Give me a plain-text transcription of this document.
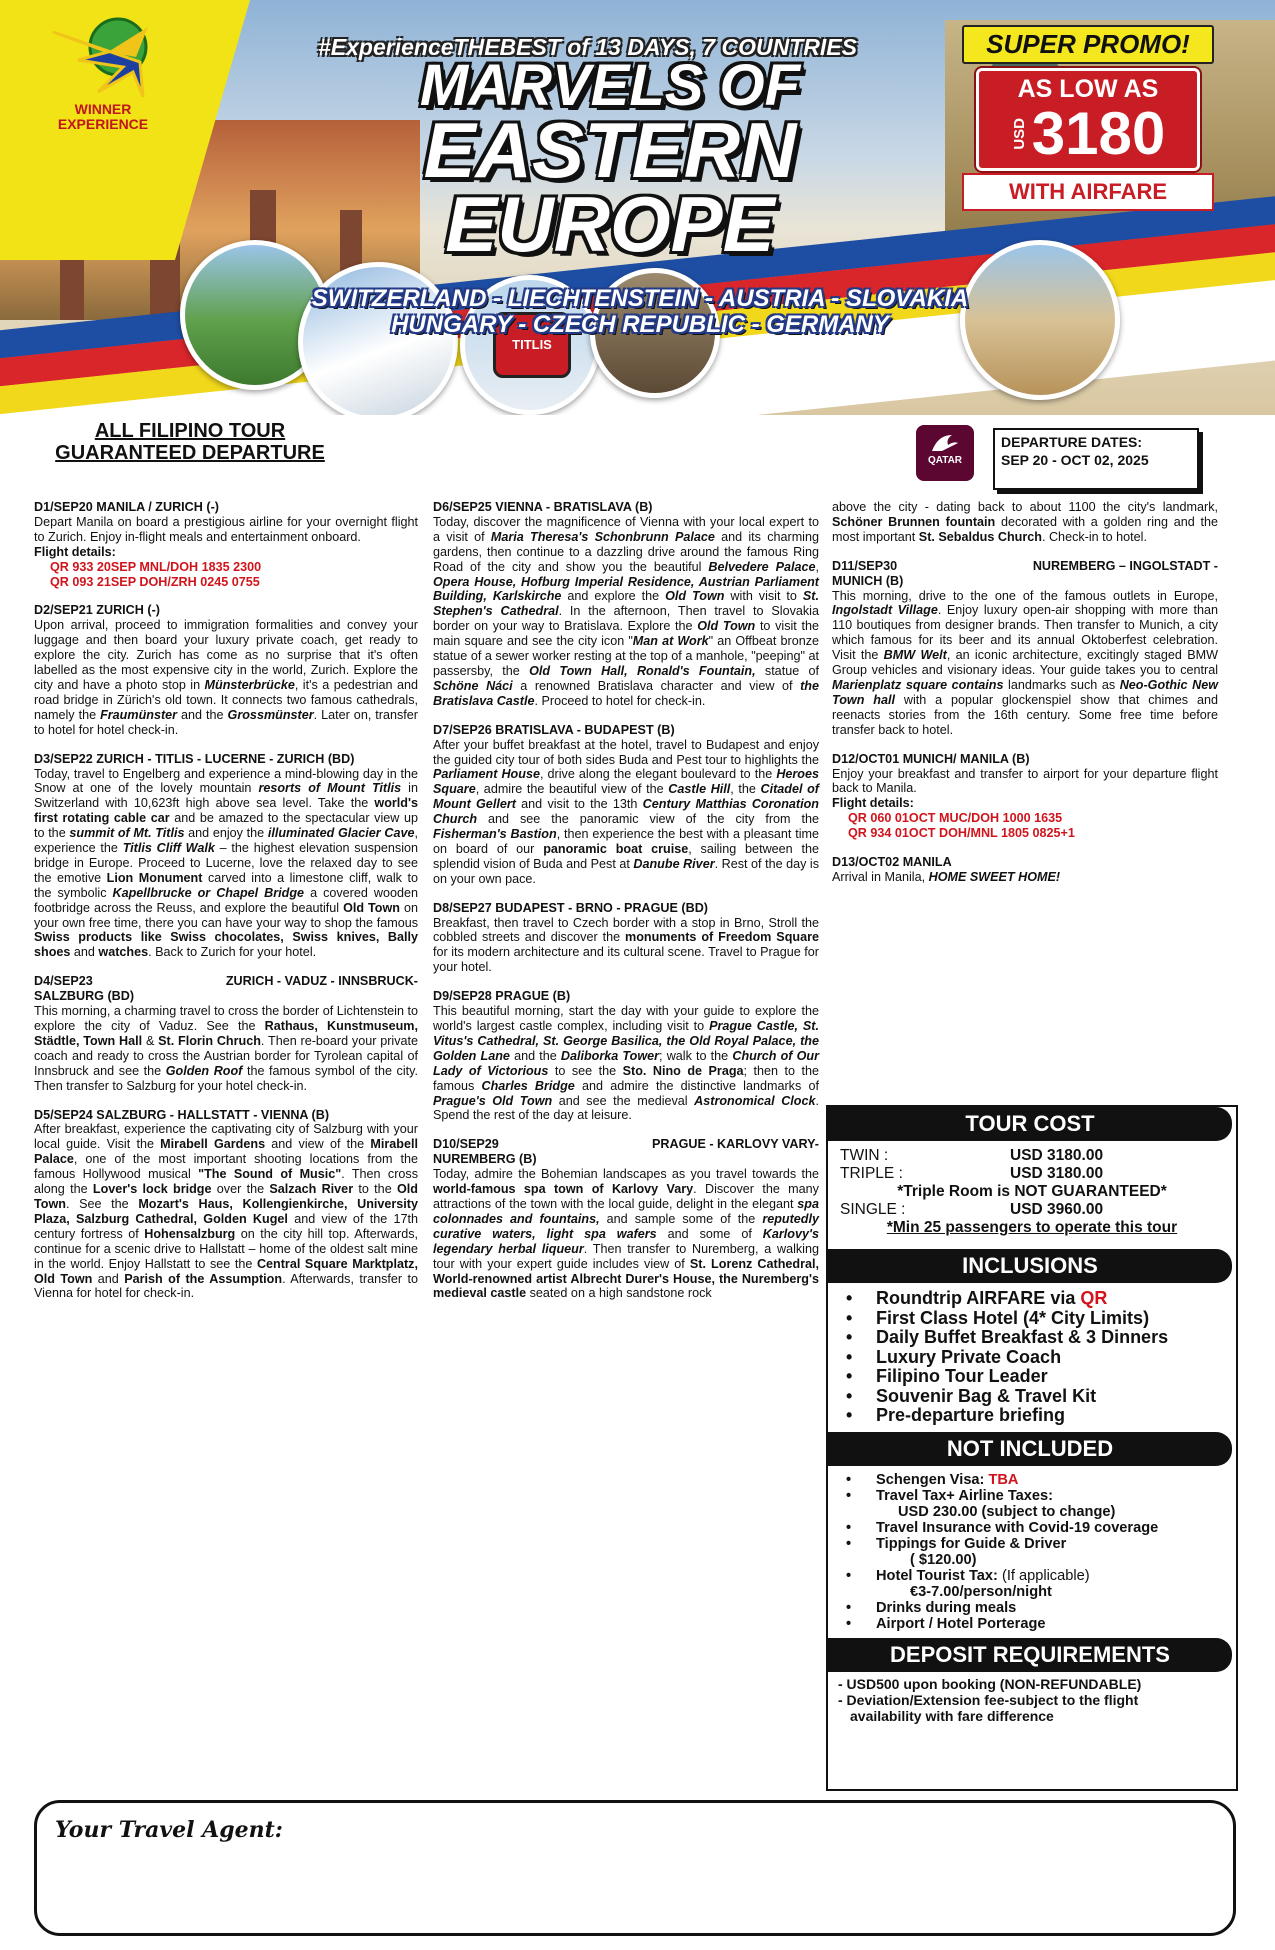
TITLIS
WINNER
EXPERIENCE
#ExperienceTHEBEST of 13 DAYS, 7 COUNTRIES
MARVELS OF
EASTERN
EUROPE
SWITZERLAND - LIECHTENSTEIN - AUSTRIA - SLOVAKIA
HUNGARY - CZECH REPUBLIC - GERMANY
SUPER PROMO!
AS LOW AS
USD 3180
WITH AIRFARE
ALL FILIPINO TOUR
GUARANTEED DEPARTURE	QATAR
DEPARTURE DATES:
SEP 20 - OCT 02, 2025
D1/SEP20 MANILA / ZURICH (-)
Depart Manila on board a prestigious airline for your overnight flight to Zurich. Enjoy in-flight meals and entertainment onboard.
Flight details:
QR 933 20SEP MNL/DOH 1835 2300
QR 093 21SEP DOH/ZRH 0245 0755
D2/SEP21 ZURICH (-)
Upon arrival, proceed to immigration formalities and convey your luggage and then board your luxury private coach, get ready to explore the city. Zurich has come as no surprise that it's often labelled as the most expensive city in the world, Zurich. Explore the city and have a photo stop in Münsterbrücke, it's a pedestrian and road bridge in Zürich's old town. It connects two famous cathedrals, namely the Fraumünster and the Grossmünster. Later on, transfer to hotel for hotel check-in.
D3/SEP22 ZURICH - TITLIS - LUCERNE - ZURICH (BD)
Today, travel to Engelberg and experience a mind-blowing day in the Snow at one of the lovely mountain resorts of Mount Titlis in Switzerland with 10,623ft high above sea level. Take the world's first rotating cable car and be amazed to the spectacular view up to the summit of Mt. Titlis and enjoy the illuminated Glacier Cave, experience the Titlis Cliff Walk – the highest elevation suspension bridge in Europe. Proceed to Lucerne, love the relaxed day to see the emotive Lion Monument carved into a limestone cliff, walk to the symbolic Kapellbrucke or Chapel Bridge a covered wooden footbridge across the Reuss, and explore the beautiful Old Town on your own free time, there you can have your way to shop the famous Swiss products like Swiss chocolates, Swiss knives, Bally shoes and watches. Back to Zurich for your hotel.
D4/SEP23	ZURICH - VADUZ - INNSBRUCK-
SALZBURG (BD)
This morning, a charming travel to cross the border of Lichtenstein to explore the city of Vaduz. See the Rathaus, Kunstmuseum, Städtle, Town Hall & St. Florin Chruch. Then re-board your private coach and ready to cross the Austrian border for Tyrolean capital of Innsbruck and see the Golden Roof the famous symbol of the city. Then transfer to Salzburg for your hotel check-in.
D5/SEP24 SALZBURG - HALLSTATT - VIENNA (B)
After breakfast, experience the captivating city of Salzburg with your local guide. Visit the Mirabell Gardens and view of the Mirabell Palace, one of the most important shooting locations from the famous Hollywood musical "The Sound of Music". Then cross along the Lover's lock bridge over the Salzach River to the Old Town. See the Mozart's Haus, Kollengienkirche, University Plaza, Salzburg Cathedral, Golden Kugel and view of the 17th century fortress of Hohensalzburg on the city hill top. Afterwards, continue for a scenic drive to Hallstatt – home of the oldest salt mine in the world. Enjoy Hallstatt to see the Central Square Marktplatz, Old Town and Parish of the Assumption. Afterwards, transfer to Vienna for hotel for check-in.
D6/SEP25 VIENNA - BRATISLAVA (B)
Today, discover the magnificence of Vienna with your local expert to a visit of Maria Theresa's Schonbrunn Palace and its charming gardens, then continue to a dazzling drive around the famous Ring Road of the city and show you the beautiful Belvedere Palace, Opera House, Hofburg Imperial Residence, Austrian Parliament Building, Karlskirche and explore the Old Town with visit to St. Stephen's Cathedral. In the afternoon, Then travel to Slovakia border on your way to Bratislava. Explore the Old Town to visit the main square and see the city icon "Man at Work" an Offbeat bronze statue of a sewer worker resting at the top of a manhole, "peeping" at passersby, the Old Town Hall, Ronald's Fountain, statue of Schöne Náci a renowned Bratislava character and view of the Bratislava Castle. Proceed to hotel for check-in.
D7/SEP26 BRATISLAVA - BUDAPEST (B)
After your buffet breakfast at the hotel, travel to Budapest and enjoy the guided city tour of both sides Buda and Pest tour to highlights the Parliament House, drive along the elegant boulevard to the Heroes Square, admire the beautiful view of the Castle Hill, the Citadel of Mount Gellert and visit to the 13th Century Matthias Coronation Church and see the panoramic view of the city from the Fisherman's Bastion, then experience the best with a pleasant time on board of our panoramic boat cruise, sailing between the splendid vision of Buda and Pest at Danube River. Rest of the day is on your own pace.
D8/SEP27 BUDAPEST - BRNO - PRAGUE (BD)
Breakfast, then travel to Czech border with a stop in Brno, Stroll the cobbled streets and discover the monuments of Freedom Square for its modern architecture and its cultural scene. Travel to Prague for your hotel.
D9/SEP28 PRAGUE (B)
This beautiful morning, start the day with your guide to explore the world's largest castle complex, including visit to Prague Castle, St. Vitus's Cathedral, St. George Basilica, the Old Royal Palace, the Golden Lane and the Daliborka Tower; walk to the Church of Our Lady of Victorious to see the Sto. Nino de Praga; then to the famous Charles Bridge and admire the distinctive landmarks of Prague's Old Town and see the medieval Astronomical Clock. Spend the rest of the day at leisure.
D10/SEP29	PRAGUE - KARLOVY VARY-
NUREMBERG (B)
Today, admire the Bohemian landscapes as you travel towards the world-famous spa town of Karlovy Vary. Discover the many attractions of the town with the local guide, delight in the elegant spa colonnades and fountains, and sample some of the reputedly curative waters, light spa wafers and some of Karlovy's legendary herbal liqueur. Then transfer to Nuremberg, a walking tour with your expert guide includes view of St. Lorenz Cathedral, World-renowned artist Albrecht Durer's House, the Nuremberg's medieval castle seated on a high sandstone rock
above the city - dating back to about 1100 the city's landmark, Schöner Brunnen fountain decorated with a golden ring and the most important St. Sebaldus Church. Check-in to hotel.
D11/SEP30	NUREMBERG – INGOLSTADT -
MUNICH (B)
This morning, drive to the one of the famous outlets in Europe, Ingolstadt Village. Enjoy luxury open-air shopping with more than 110 boutiques from designer brands. Then transfer to Munich, a city which famous for its beer and its annual Oktoberfest celebration. Visit the BMW Welt, an iconic architecture, excitingly staged BMW Group vehicles and visionary ideas. Your guide takes you to central Marienplatz square contains landmarks such as Neo-Gothic New Town hall with a popular glockenspiel show that chimes and reenacts stories from the 16th century. Some free time before transfer back to hotel.
D12/OCT01 MUNICH/ MANILA (B)
Enjoy your breakfast and transfer to airport for your departure flight back to Manila.
Flight details:
QR 060 01OCT MUC/DOH 1000 1635
QR 934 01OCT DOH/MNL 1805 0825+1
D13/OCT02 MANILA
Arrival in Manila, HOME SWEET HOME!
TOUR COST
TWIN :	USD 3180.00
TRIPLE :	USD 3180.00
*Triple Room is NOT GUARANTEED*
SINGLE :	USD 3960.00
*Min 25 passengers to operate this tour
INCLUSIONS
• Roundtrip AIRFARE via QR
• First Class Hotel (4* City Limits)
• Daily Buffet Breakfast & 3 Dinners
• Luxury Private Coach
• Filipino Tour Leader
• Souvenir Bag & Travel Kit
• Pre-departure briefing
NOT INCLUDED
• Schengen Visa: TBA
• Travel Tax+ Airline Taxes:
USD 230.00 (subject to change)
• Travel Insurance with Covid-19 coverage
• Tippings for Guide & Driver
( $120.00)
• Hotel Tourist Tax: (If applicable)
€3-7.00/person/night
• Drinks during meals
• Airport / Hotel Porterage
DEPOSIT REQUIREMENTS
- USD500 upon booking (NON-REFUNDABLE)
- Deviation/Extension fee-subject to the flight
availability with fare difference
Your Travel Agent:
